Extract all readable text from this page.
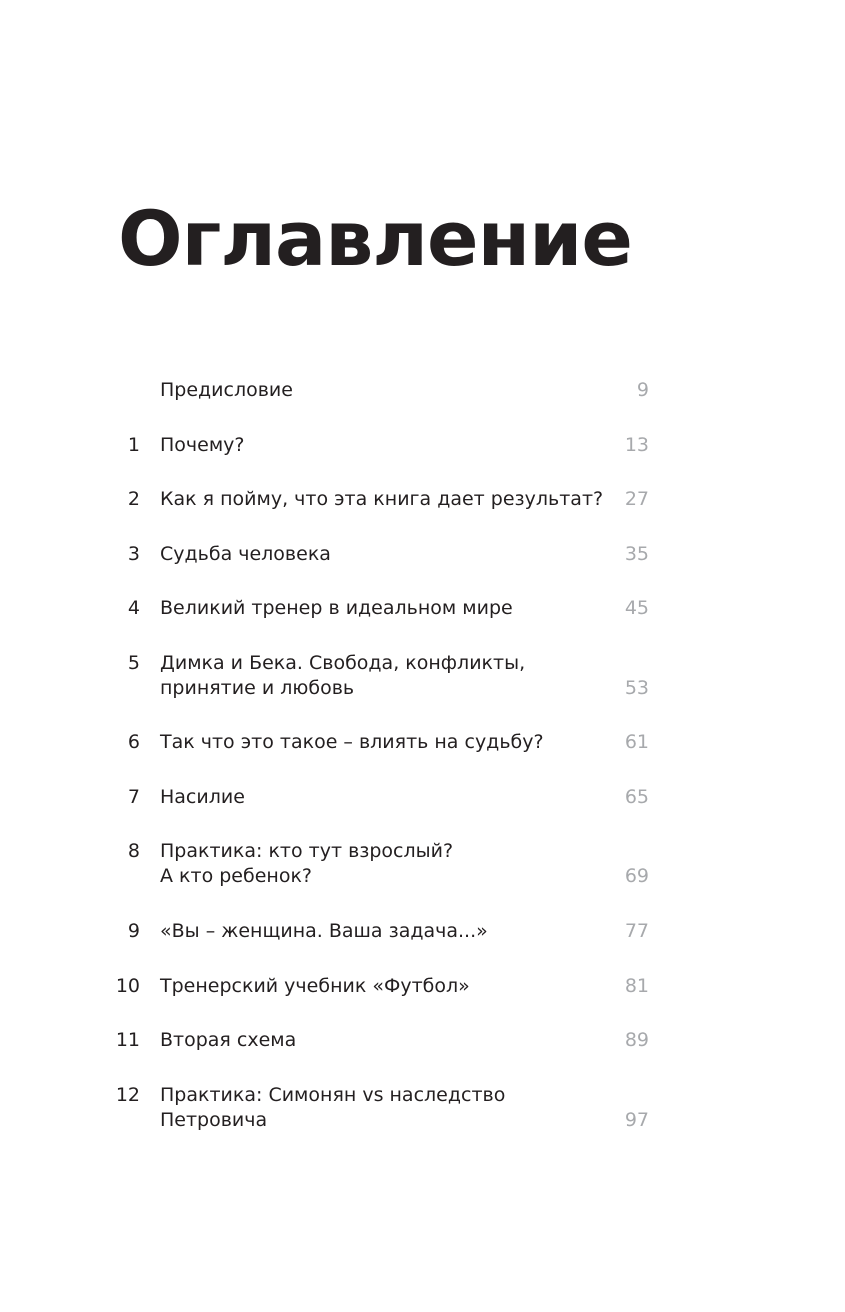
Оглавление
Предисловие	9
1 Почему?	13
2 Как я пойму, что эта книга дает результат?	27
3 Судьба человека	35
4 Великий тренер в идеальном мире	45
5 Димка и Бека. Свобода, конфликты,
принятие и любовь	53
6 Так что это такое – влиять на судьбу?	61
7 Насилие	65
8 Практика: кто тут взрослый?
А кто ребенок?	69
9 «Вы – женщина. Ваша задача...»	77
10 Тренерский учебник «Футбол»	81
11 Вторая схема	89
12 Практика: Симонян vs наследство
Петровича	97
